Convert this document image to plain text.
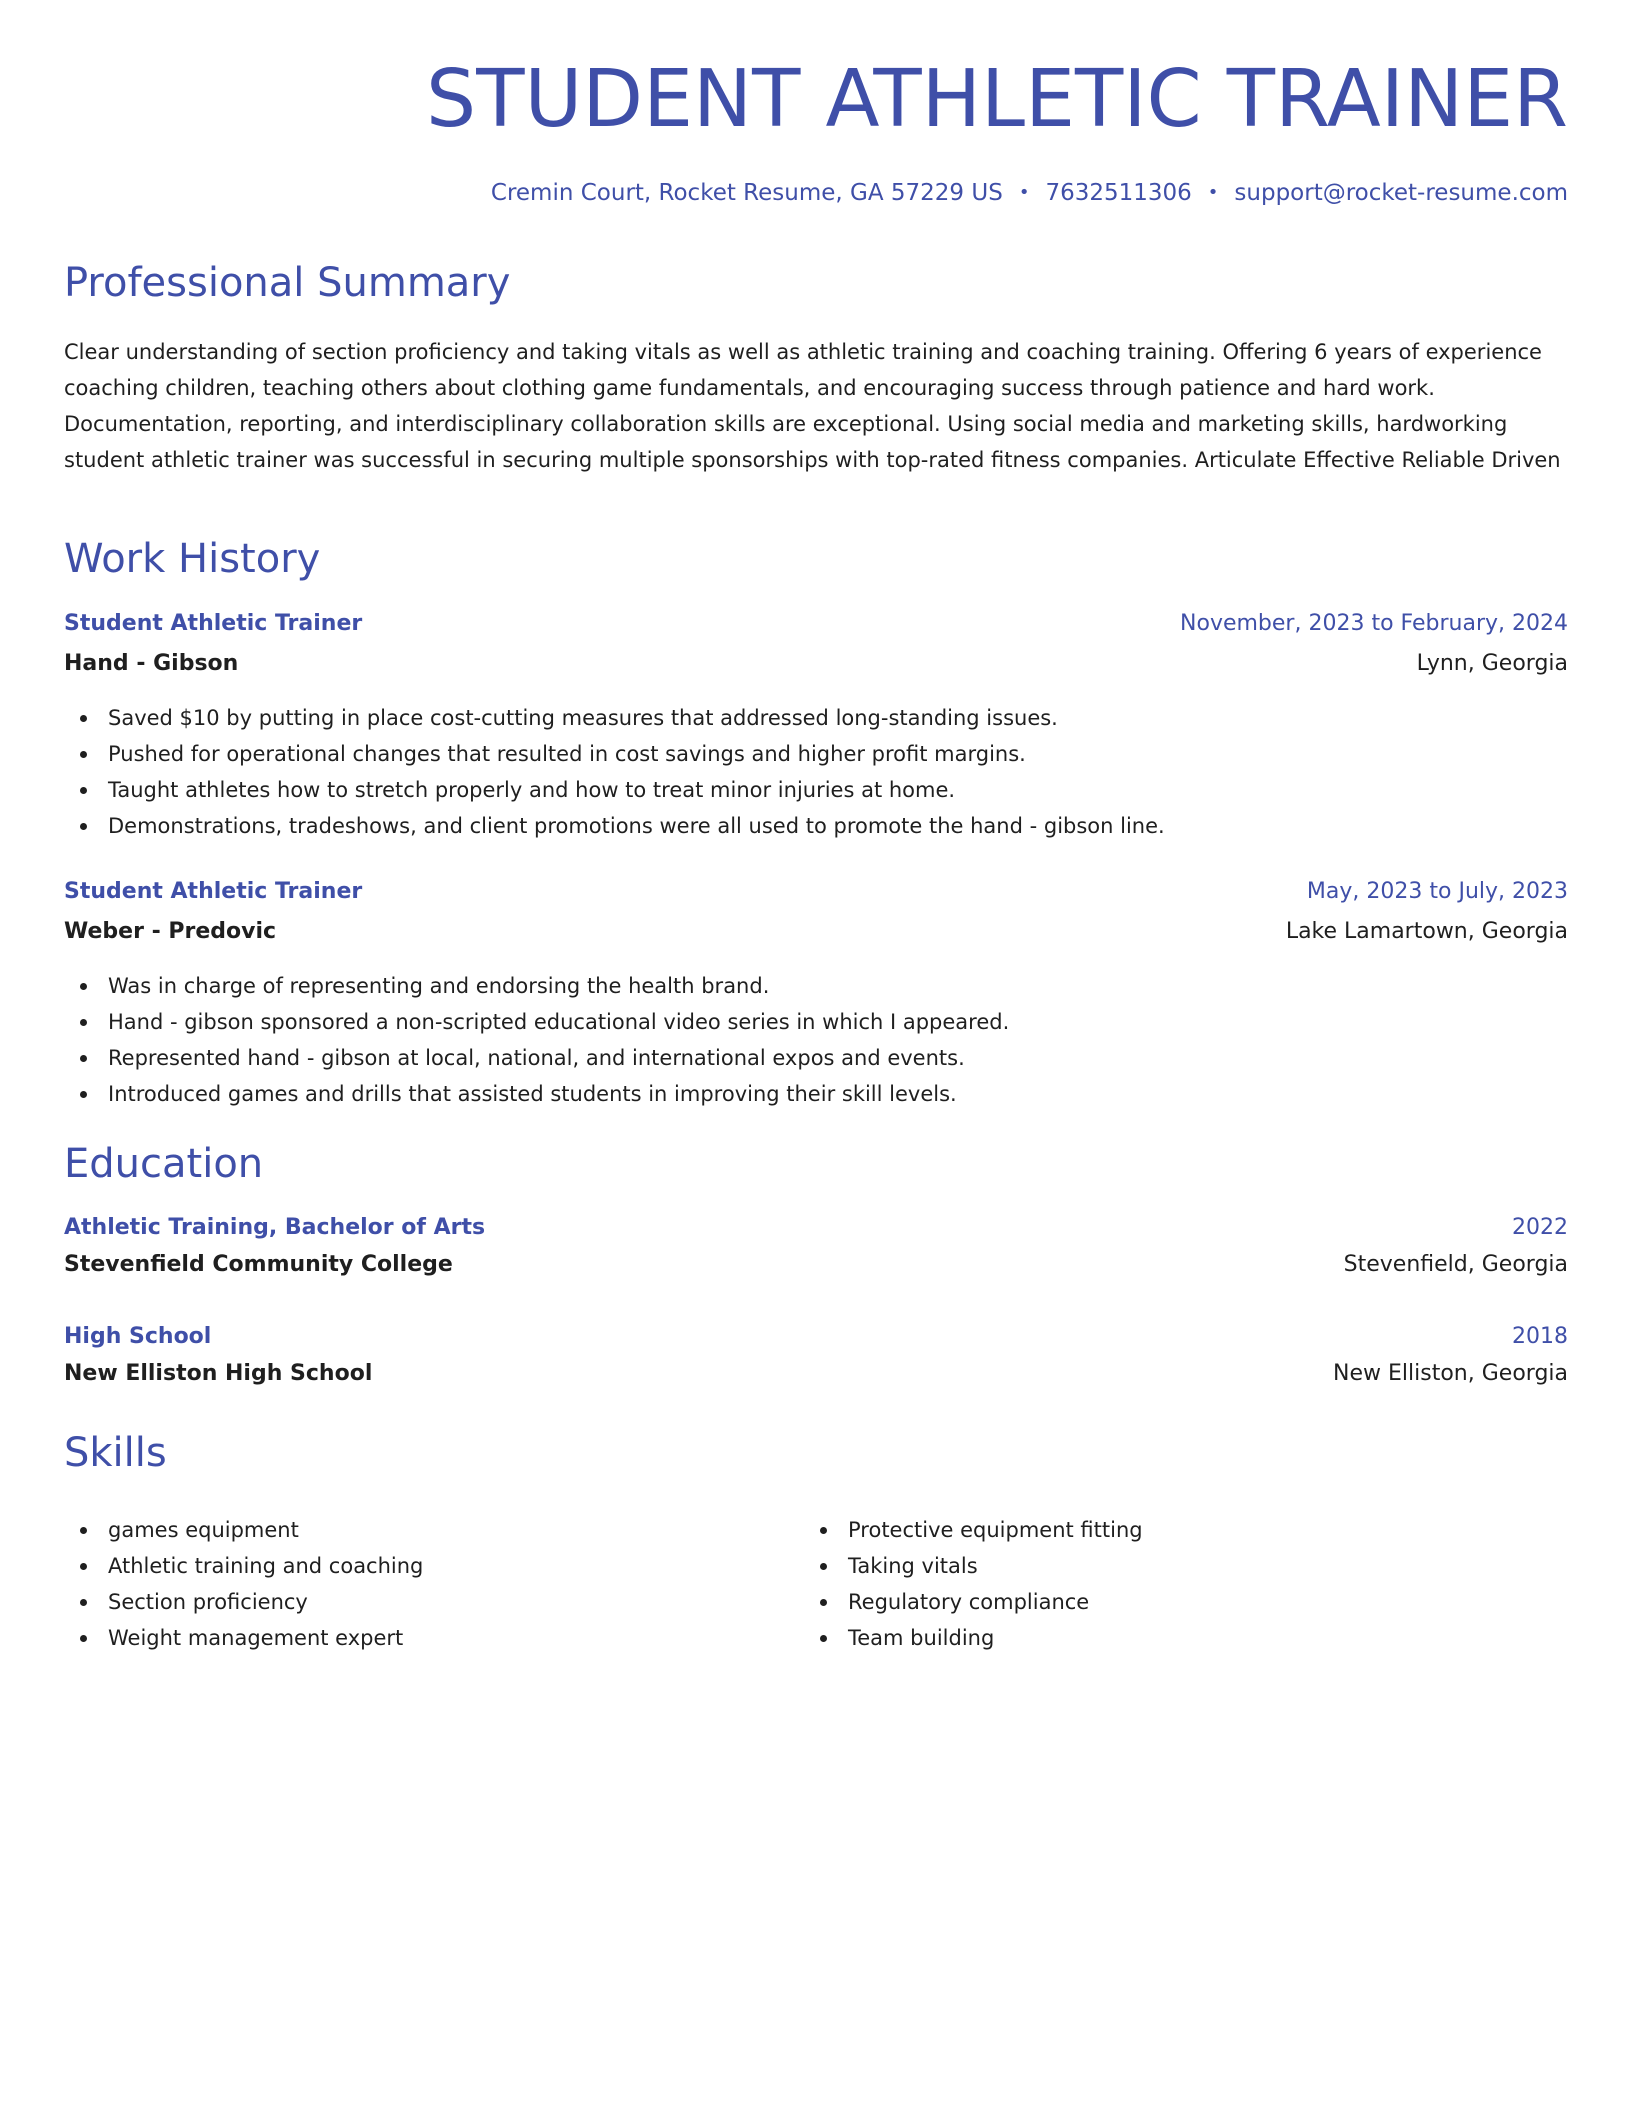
STUDENT ATHLETIC TRAINER
Cremin Court, Rocket Resume, GA 57229 US • 7632511306 • support@rocket-resume.com
Professional Summary

Clear understanding of section proficiency and taking vitals as well as athletic training and coaching training. Offering 6 years of experience coaching children, teaching others about clothing game fundamentals, and encouraging success through patience and hard work. Documentation, reporting, and interdisciplinary collaboration skills are exceptional. Using social media and marketing skills, hardworking student athletic trainer was successful in securing multiple sponsorships with top-rated fitness companies. Articulate Effective Reliable Driven

Work History
Student Athletic Trainer	November, 2023 to February, 2024
Hand - Gibson	Lynn, Georgia
Saved $10 by putting in place cost-cutting measures that addressed long-standing issues.
Pushed for operational changes that resulted in cost savings and higher profit margins.
Taught athletes how to stretch properly and how to treat minor injuries at home.
Demonstrations, tradeshows, and client promotions were all used to promote the hand - gibson line.
Student Athletic Trainer	May, 2023 to July, 2023
Weber - Predovic	Lake Lamartown, Georgia
Was in charge of representing and endorsing the health brand.
Hand - gibson sponsored a non-scripted educational video series in which I appeared.
Represented hand - gibson at local, national, and international expos and events.
Introduced games and drills that assisted students in improving their skill levels.
Education
Athletic Training, Bachelor of Arts	2022
Stevenfield Community College	Stevenfield, Georgia
High School	2018
New Elliston High School	New Elliston, Georgia
Skills
games equipment
Athletic training and coaching
Section proficiency
Weight management expert
Protective equipment fitting
Taking vitals
Regulatory compliance
Team building
